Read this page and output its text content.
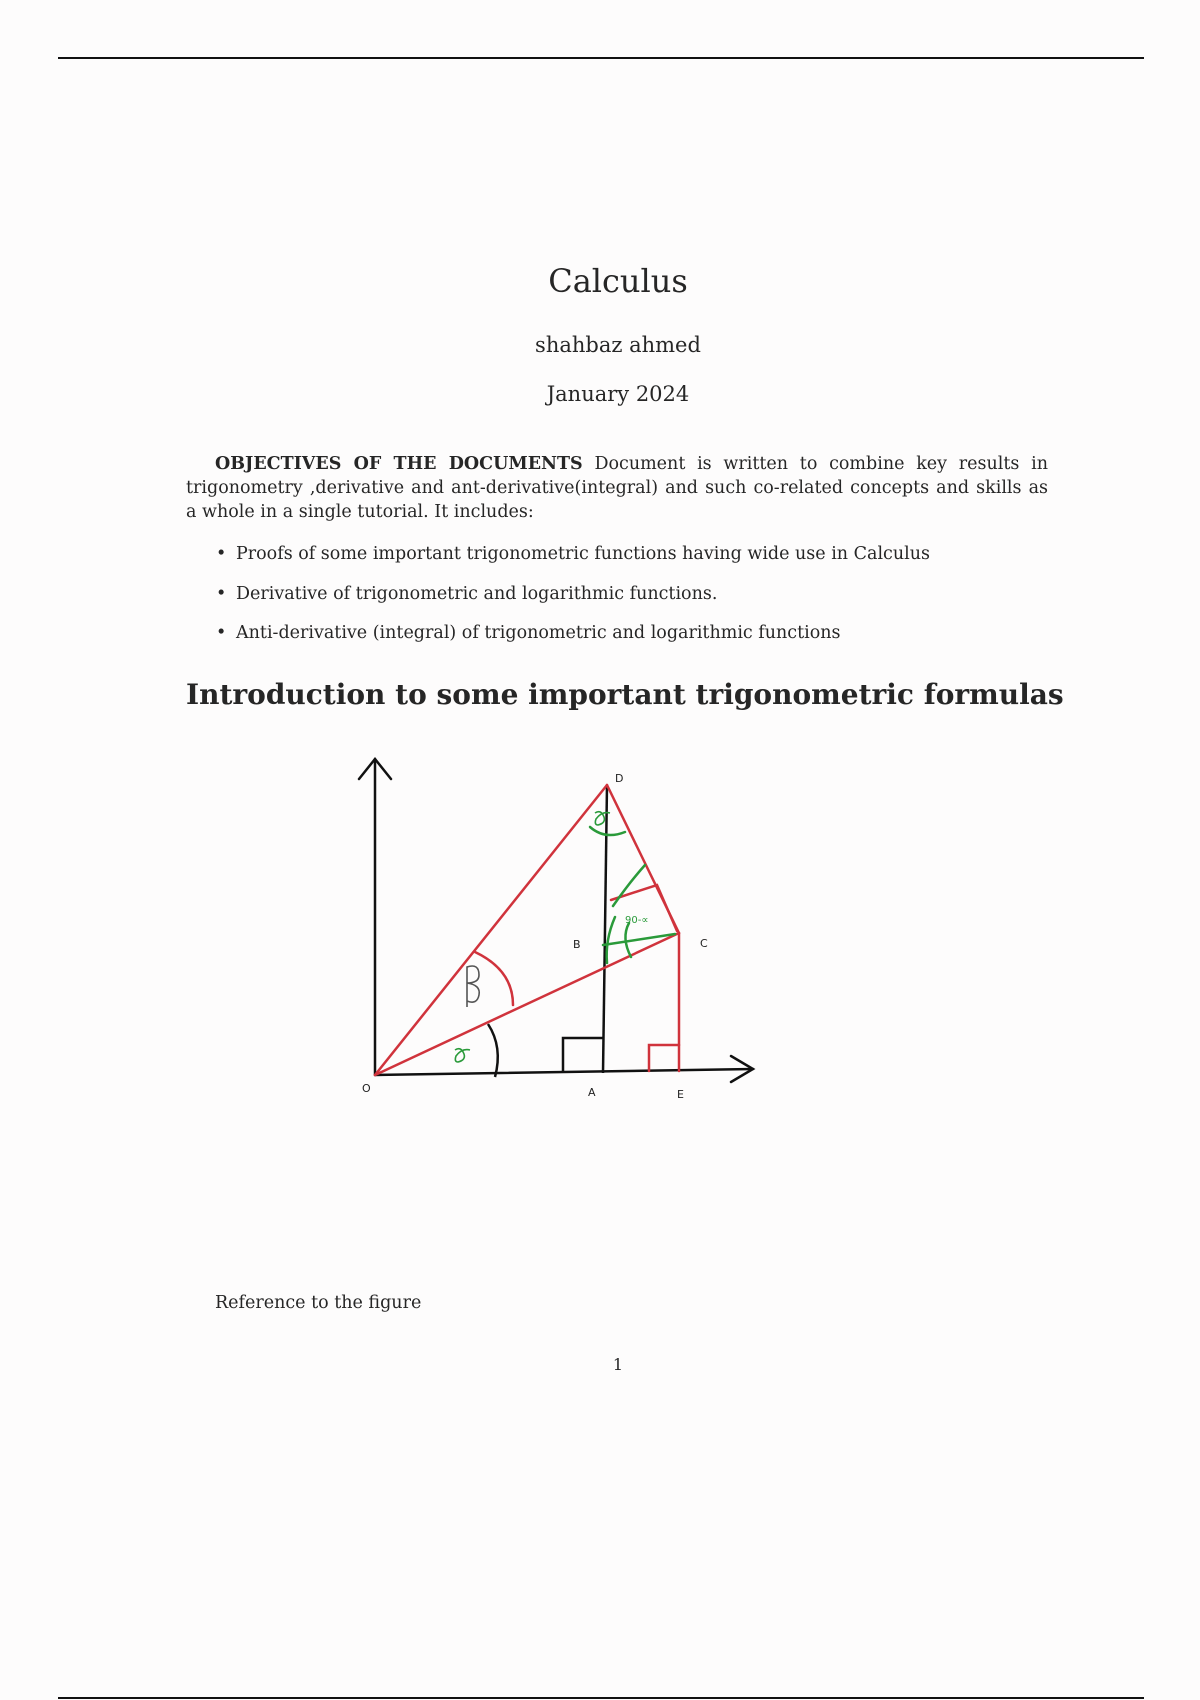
Calculus
shahbaz ahmed
January 2024
OBJECTIVES OF THE DOCUMENTS Document is written to combine key results in trigonometry ,derivative and ant-derivative(integral) and such co-related concepts and skills as a whole in a single tutorial. It includes:
• Proofs of some important trigonometric functions having wide use in Calculus
• Derivative of trigonometric and logarithmic functions.
• Anti-derivative (integral) of trigonometric and logarithmic functions
Introduction to some important trigonometric formulas
90-∝
O	A	E
B	C
D
Reference to the figure
1
